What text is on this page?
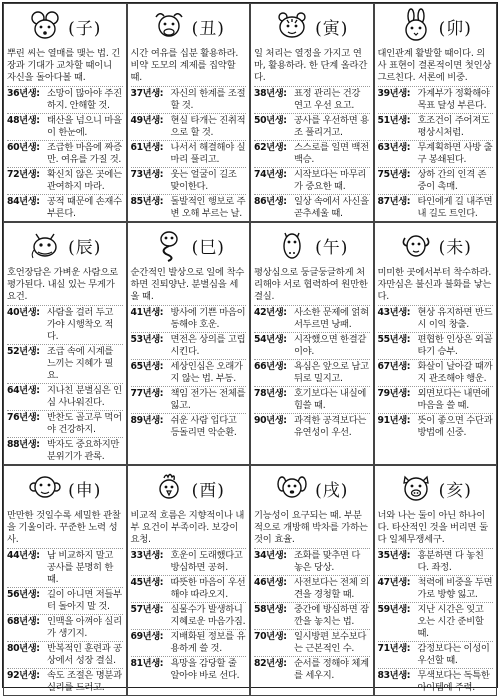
(子)

뿌린 씨는 열매를 맺는 법. 긴장과 기대가 교차할 때이니 자신을 돌아다볼 때.

36년생: 소망이 많아야 주진하지. 안해할 것.
48년생: 태산을 넘으니 마을이 한눈에.
60년생: 조급한 마음에 짜증만. 여유를 가질 것.
72년생: 확신치 않은 곳에는 관여하지 마라.
84년생: 공적 때문에 손재수 부른다.
(丑)

시간 여유를 십분 활용하라. 비약 도모의 계제를 집약할 때.

37년생: 자신의 한계를 조절 할 것.
49년생: 현실 타개는 진취적으로 할 것.
61년생: 나서서 해결해야 실마리 풀리고.
73년생: 웃는 얼굴이 길조 맞이한다.
85년생: 돌발적인 행보로 주변 오해 부르는 날.
(寅)

일 처리는 열정을 가지고 연마, 활용하라. 한 단계 올라간다.

38년생: 표정 관리는 건강 연고 우선 요고.
50년생: 공사를 우선하면 용조 풀리거고.
62년생: 스스로를 일면 백전백승.
74년생: 시작보다는 마무리가 중요한 때.
86년생: 일상 속에서 사신을 곧추세울 때.
(卯)

대인관계 활발할 때이다. 의사 표현이 결론적이면 첫인상 그르친다. 서론에 비중.

39년생: 가계부가 정확해야 목표 달성 부른다.
51년생: 호조건이 주어져도 평상시처럼.
63년생: 무계획하면 사방 출구 봉쇄된다.
75년생: 상하 간의 인격 존중이 촉매.
87년생: 타인에게 길 내주면 내 길도 트인다.
(辰)

호언장담은 가벼운 사람으로 평가된다. 내실 있는 무게가 요건.

40년생: 사람을 걸러 두고 가야 시행착오 적다.
52년생: 조급 속에 시계를 느끼는 지혜가 필요.
64년생: 지나친 분별심은 인심 사나워진다.
76년생: 반찬도 골고루 먹어야 건강하지.
88년생: 박자도 중요하지만 분위기가 관록.
(巳)

순간적인 발상으로 일에 착수하면 진퇴양난. 분별심을 세울 때.

41년생: 방사에 기쁜 마음이 동해야 호운.
53년생: 면전은 상의를 고립시킨다.
65년생: 세상인심은 오래가지 않는 법. 부동.
77년생: 책임 전가는 전체를 잃고.
89년생: 쉬운 사람 입다고 등돌리면 악순환.
(午)

평상심으로 둥글둥글하게 처리해야 서로 협력하여 원만한 결실.

42년생: 사소한 문제에 얽혀 서두르면 낭패.
54년생: 시작했으면 한결같이야.
66년생: 욕심은 앞으로 남고 뒤로 밀지고.
78년생: 호기보다는 내실에 힘쓸 때.
90년생: 과격한 공격보다는 유연성이 우선.
(未)

미미한 곳에서부터 착수하라. 자만심은 불신과 불화를 낳는다.

43년생: 현상 유지하면 반드시 이익 창출.
55년생: 편협한 인상은 외골타기 승부.
67년생: 화살이 날아갈 때까지 관조해야 행운.
79년생: 외면보다는 내면에 마음을 쓸 때.
91년생: 뜻이 좋으면 수단과 방법에 신중.
(申)

만만한 것일수록 세밀한 관찰을 기울이라. 꾸준한 노력 성사.

44년생: 남 비교하지 말고 공사를 분명히 한 때.
56년생: 길이 아니면 저들부터 돌아지 말 것.
68년생: 인맥을 아껴야 실리가 생기지.
80년생: 반복적인 훈련과 공상에서 성장 결실.
92년생: 속도 조절은 명분과 실리를 드러고.
(酉)

비교적 흐름은 지향적이나 내부 요건이 부족이라. 보강이 요청.

33년생: 호운이 도래했다고 방심하면 공허.
45년생: 따뜻한 마음이 우선해야 따라오지.
57년생: 실물수가 발생하니 지혜로운 마음가짐.
69년생: 지배화된 정보를 유용하게 쓸 것.
81년생: 욕망을 감당할 줄 알아야 바로 선다.
(戌)

기능성이 요구되는 때. 부분적으로 개방해 박차를 가하는 것이 효율.

34년생: 조화를 맞추면 다 놓은 당상.
46년생: 사전보다는 전체 의견을 경청할 때.
58년생: 중간에 방심하면 잠깐을 놓치는 법.
70년생: 일시방편 보수보다는 근본적인 수.
82년생: 순서를 정해야 체계를 세우지.
(亥)

너와 나는 둘이 아닌 하나이다. 타산적인 것을 버리면 둘다 일체무쟁세구.

35년생: 흥분하면 다 놓친다. 좌정.
47년생: 척력에 비중을 두면 가로 방향 잃고.
59년생: 지난 시간은 잊고 오는 시간 준비할 때.
71년생: 감정보다는 이성이 우선할 때.
83년생: 무색보다는 독특한 아이템에 주력.
